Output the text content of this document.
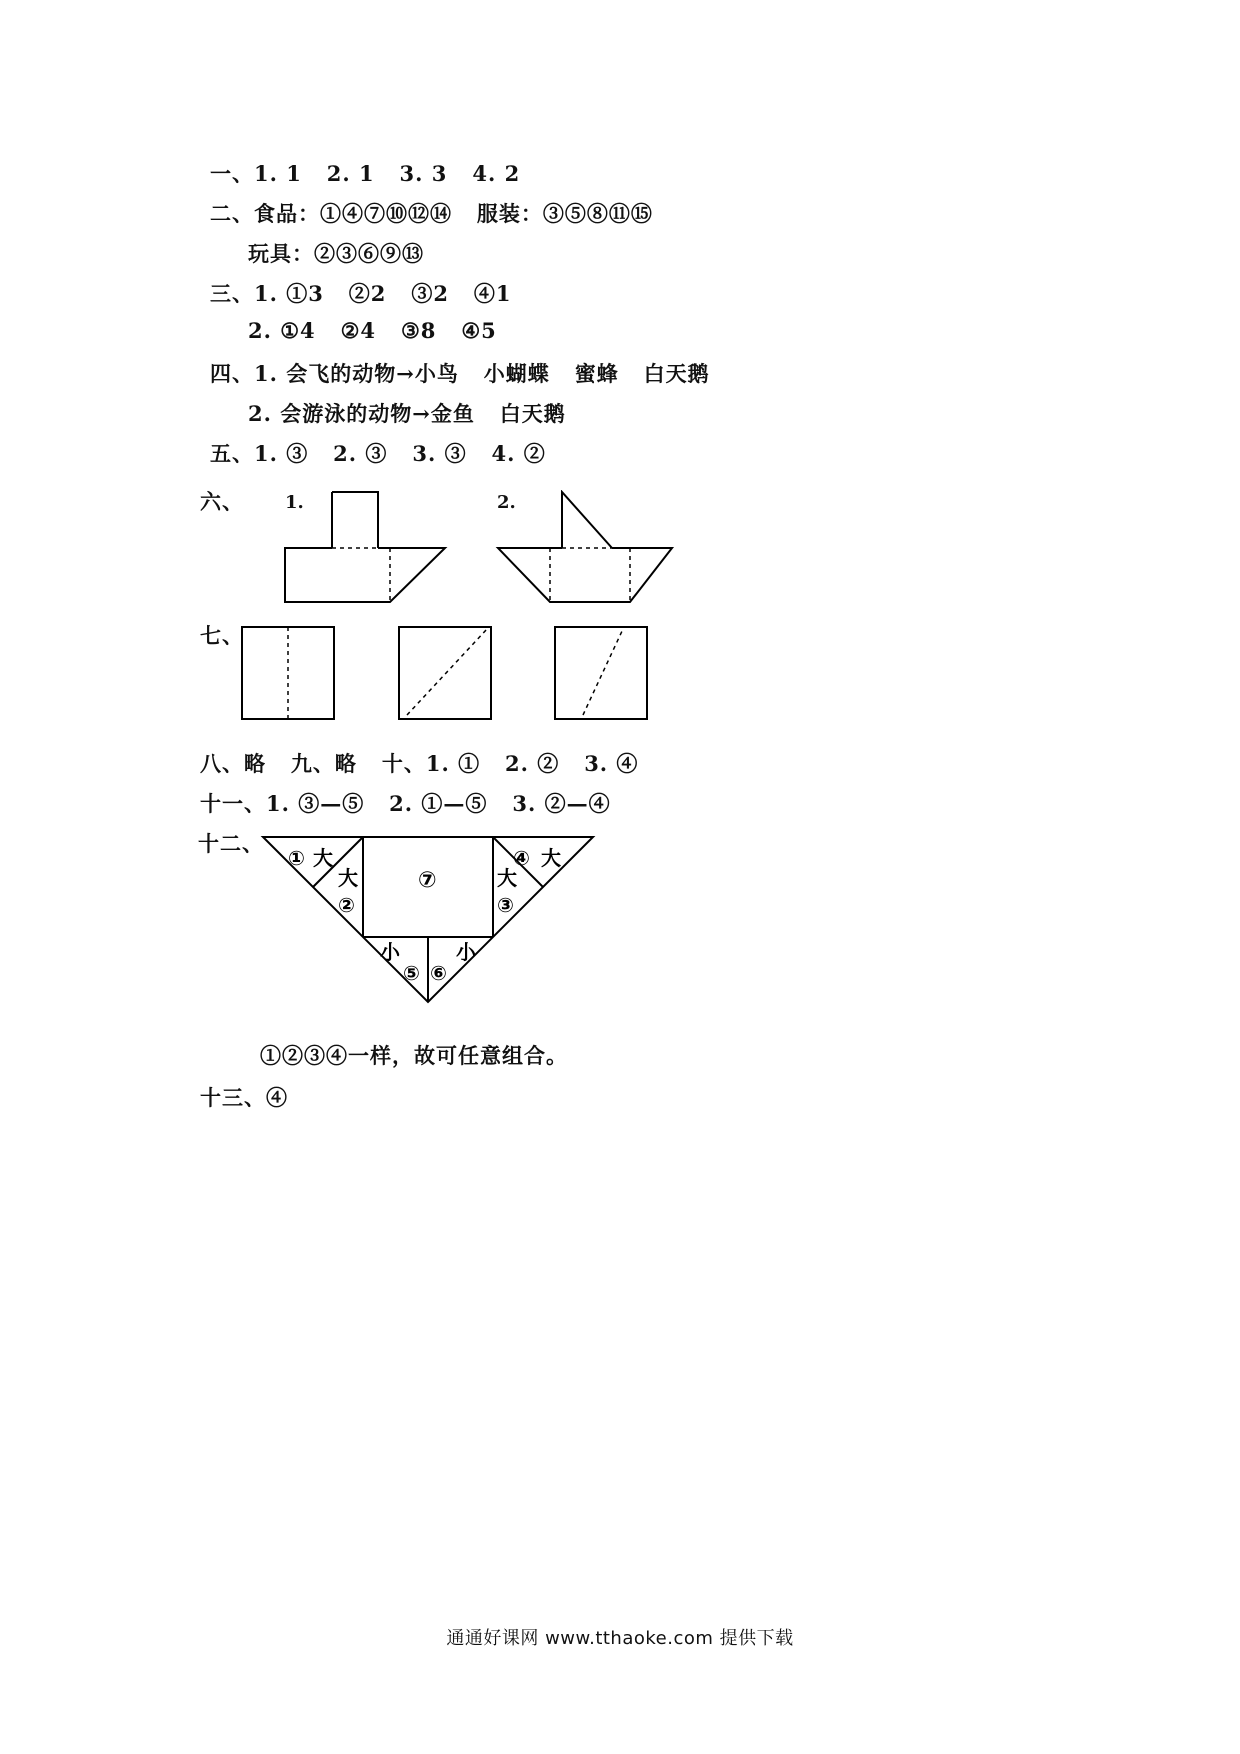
一、1. 1   2. 1   3. 3   4. 2
二、食品：①④⑦⑩⑫⑭   服装：③⑤⑧⑪⑮
玩具：②③⑥⑨⑬
三、1. ①3   ②2   ③2   ④1
2. ①4   ②4   ③8   ④5
四、1. 会飞的动物→小鸟   小蝴蝶   蜜蜂   白天鹅
2. 会游泳的动物→金鱼   白天鹅
五、1. ③   2. ③   3. ③   4. ②
六、 1.	2.
七、
八、略   九、略   十、1. ①   2. ②   3. ④
十一、1. ③—⑤   2. ①—⑤   3. ②—④
十二、
① 大
大
②
⑦	大
③
④ 大
小
⑤ ⑥
小
①②③④一样，故可任意组合。
十三、④
通通好课网 www.tthaoke.com 提供下载
